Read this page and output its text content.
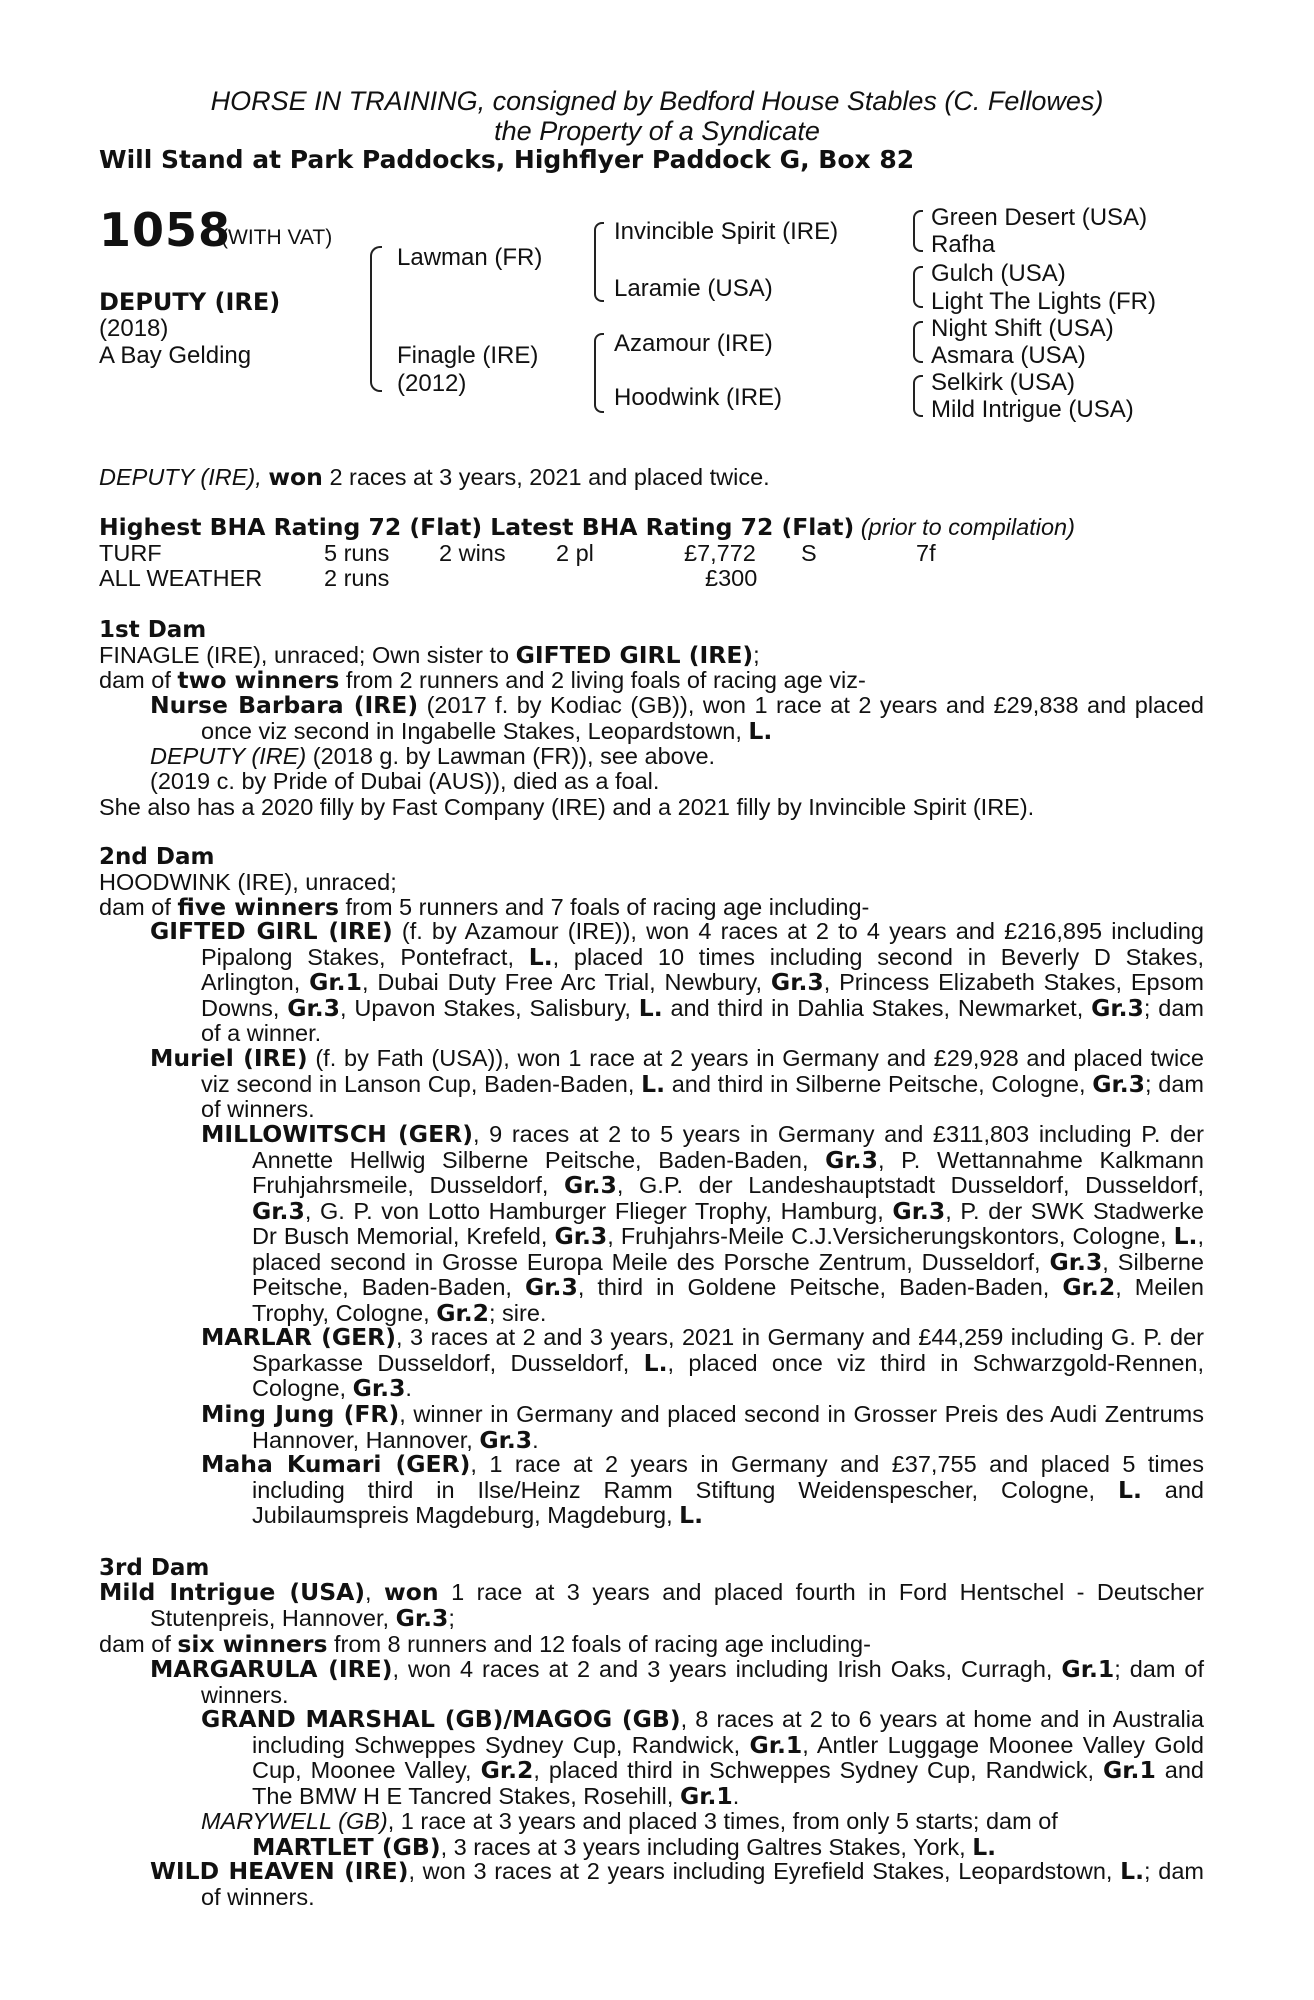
HORSE IN TRAINING, consigned by Bedford House Stables (C. Fellowes)
the Property of a Syndicate
Will Stand at Park Paddocks, Highflyer Paddock G, Box 82
1058
(WITH VAT)
DEPUTY (IRE)
(2018)
A Bay Gelding
Lawman (FR)
Finagle (IRE)
(2012)
Invincible Spirit (IRE)
Laramie (USA)
Azamour (IRE)
Hoodwink (IRE)
Green Desert (USA)
Rafha
Gulch (USA)
Light The Lights (FR)
Night Shift (USA)
Asmara (USA)
Selkirk (USA)
Mild Intrigue (USA)
DEPUTY (IRE), won 2 races at 3 years, 2021 and placed twice.
Highest BHA Rating 72 (Flat) Latest BHA Rating 72 (Flat) (prior to compilation)
TURF	5 runs 2 wins 2 pl	£7,772 S	7f
ALL WEATHER	2 runs	£300
1st Dam
FINAGLE (IRE), unraced; Own sister to GIFTED GIRL (IRE);
dam of two winners from 2 runners and 2 living foals of racing age viz-
Nurse Barbara (IRE) (2017 f. by Kodiac (GB)), won 1 race at 2 years and £29,838 and placed once viz second in Ingabelle Stakes, Leopardstown, L.
DEPUTY (IRE) (2018 g. by Lawman (FR)), see above.
(2019 c. by Pride of Dubai (AUS)), died as a foal.
She also has a 2020 filly by Fast Company (IRE) and a 2021 filly by Invincible Spirit (IRE).
2nd Dam
HOODWINK (IRE), unraced;
dam of five winners from 5 runners and 7 foals of racing age including-
GIFTED GIRL (IRE) (f. by Azamour (IRE)), won 4 races at 2 to 4 years and £216,895 including Pipalong Stakes, Pontefract, L., placed 10 times including second in Beverly D Stakes, Arlington, Gr.1, Dubai Duty Free Arc Trial, Newbury, Gr.3, Princess Elizabeth Stakes, Epsom Downs, Gr.3, Upavon Stakes, Salisbury, L. and third in Dahlia Stakes, Newmarket, Gr.3; dam of a winner.
Muriel (IRE) (f. by Fath (USA)), won 1 race at 2 years in Germany and £29,928 and placed twice viz second in Lanson Cup, Baden-Baden, L. and third in Silberne Peitsche, Cologne, Gr.3; dam of winners.
MILLOWITSCH (GER), 9 races at 2 to 5 years in Germany and £311,803 including P. der Annette Hellwig Silberne Peitsche, Baden-Baden, Gr.3, P. Wettannahme Kalkmann Fruhjahrsmeile, Dusseldorf, Gr.3, G.P. der Landeshauptstadt Dusseldorf, Dusseldorf, Gr.3, G. P. von Lotto Hamburger Flieger Trophy, Hamburg, Gr.3, P. der SWK Stadwerke Dr Busch Memorial, Krefeld, Gr.3, Fruhjahrs-Meile C.J.Versicherungskontors, Cologne, L., placed second in Grosse Europa Meile des Porsche Zentrum, Dusseldorf, Gr.3, Silberne Peitsche, Baden-Baden, Gr.3, third in Goldene Peitsche, Baden-Baden, Gr.2, Meilen Trophy, Cologne, Gr.2; sire.
MARLAR (GER), 3 races at 2 and 3 years, 2021 in Germany and £44,259 including G. P. der Sparkasse Dusseldorf, Dusseldorf, L., placed once viz third in Schwarzgold-Rennen, Cologne, Gr.3.
Ming Jung (FR), winner in Germany and placed second in Grosser Preis des Audi Zentrums Hannover, Hannover, Gr.3.
Maha Kumari (GER), 1 race at 2 years in Germany and £37,755 and placed 5 times including third in Ilse/Heinz Ramm Stiftung Weidenspescher, Cologne, L. and Jubilaumspreis Magdeburg, Magdeburg, L.
3rd Dam
Mild Intrigue (USA), won 1 race at 3 years and placed fourth in Ford Hentschel - Deutscher Stutenpreis, Hannover, Gr.3;
dam of six winners from 8 runners and 12 foals of racing age including-
MARGARULA (IRE), won 4 races at 2 and 3 years including Irish Oaks, Curragh, Gr.1; dam of winners.
GRAND MARSHAL (GB)/MAGOG (GB), 8 races at 2 to 6 years at home and in Australia including Schweppes Sydney Cup, Randwick, Gr.1, Antler Luggage Moonee Valley Gold Cup, Moonee Valley, Gr.2, placed third in Schweppes Sydney Cup, Randwick, Gr.1 and The BMW H E Tancred Stakes, Rosehill, Gr.1.
MARYWELL (GB), 1 race at 3 years and placed 3 times, from only 5 starts; dam of
MARTLET (GB), 3 races at 3 years including Galtres Stakes, York, L.
WILD HEAVEN (IRE), won 3 races at 2 years including Eyrefield Stakes, Leopardstown, L.; dam of winners.
